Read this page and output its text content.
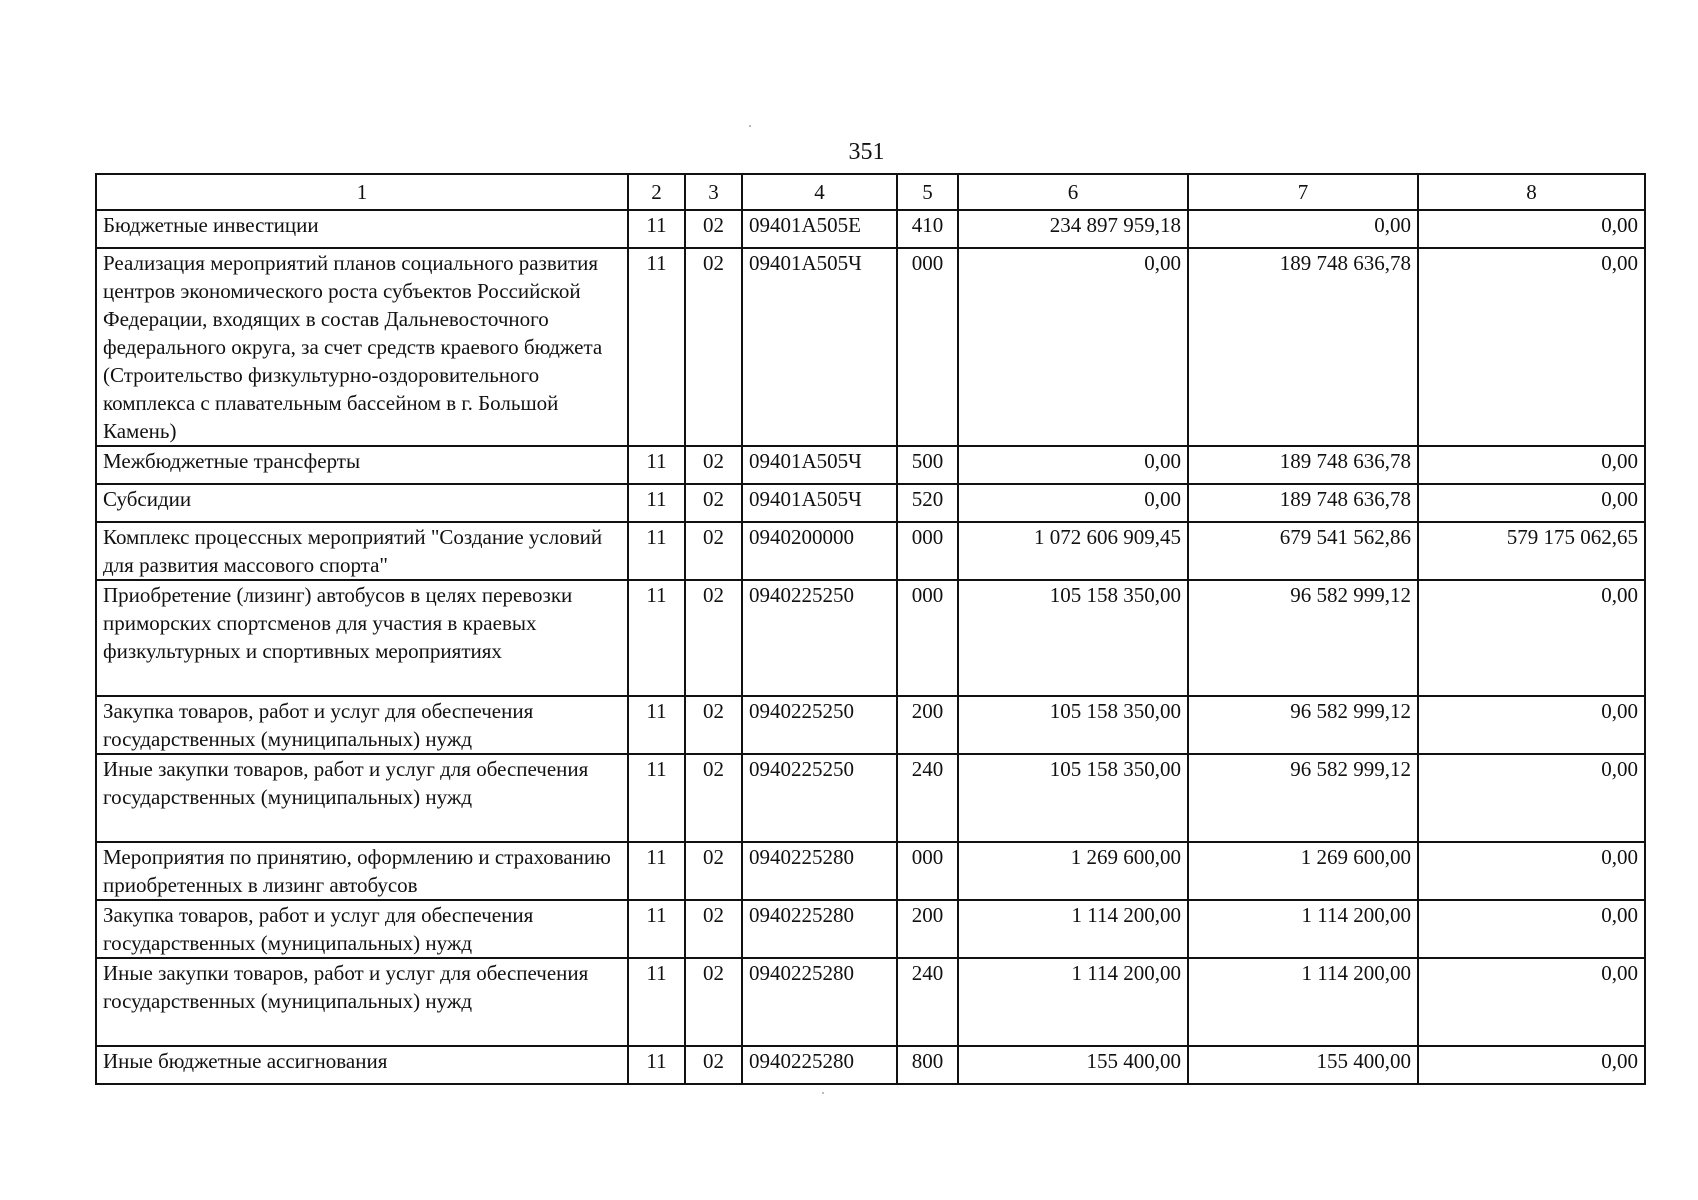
351
1	2	3	4	5	6	7	8
Бюджетные инвестиции	11	02	09401А505Е	410	234 897 959,18	0,00	0,00
Реализация мероприятий планов социального развития центров экономического роста субъектов Российской Федерации, входящих в состав Дальневосточного федерального округа, за счет средств краевого бюджета (Строительство физкультурно-оздоровительного комплекса с плавательным бассейном в г. Большой Камень)	11	02	09401А505Ч	000	0,00	189 748 636,78	0,00
Межбюджетные трансферты	11	02	09401А505Ч	500	0,00	189 748 636,78	0,00
Субсидии	11	02	09401А505Ч	520	0,00	189 748 636,78	0,00
Комплекс процессных мероприятий "Создание условий для развития массового спорта"	11	02	0940200000	000	1 072 606 909,45	679 541 562,86	579 175 062,65
Приобретение (лизинг) автобусов в целях перевозки приморских спортсменов для участия в краевых физкультурных и спортивных мероприятиях	11	02	0940225250	000	105 158 350,00	96 582 999,12	0,00
Закупка товаров, работ и услуг для обеспечения государственных (муниципальных) нужд	11	02	0940225250	200	105 158 350,00	96 582 999,12	0,00
Иные закупки товаров, работ и услуг для обеспечения государственных (муниципальных) нужд	11	02	0940225250	240	105 158 350,00	96 582 999,12	0,00
Мероприятия по принятию, оформлению и страхованию приобретенных в лизинг автобусов	11	02	0940225280	000	1 269 600,00	1 269 600,00	0,00
Закупка товаров, работ и услуг для обеспечения государственных (муниципальных) нужд	11	02	0940225280	200	1 114 200,00	1 114 200,00	0,00
Иные закупки товаров, работ и услуг для обеспечения государственных (муниципальных) нужд	11	02	0940225280	240	1 114 200,00	1 114 200,00	0,00
Иные бюджетные ассигнования	11	02	0940225280	800	155 400,00	155 400,00	0,00
